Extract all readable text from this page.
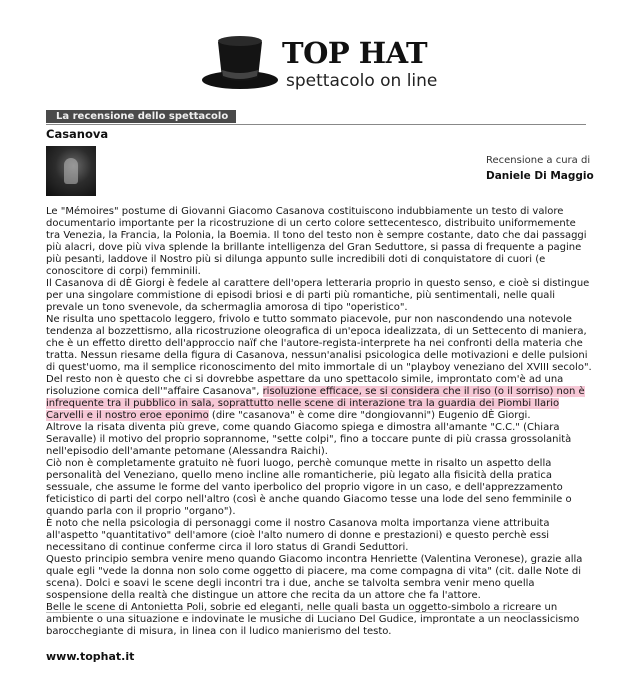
TOP HAT
spettacolo on line
La recensione dello spettacolo
Casanova
Recensione a cura di
Daniele Di Maggio

Le "Mémoires" postume di Giovanni Giacomo Casanova costituiscono indubbiamente un testo di valore documentario importante per la ricostruzione di un certo colore settecentesco, distribuito uniformemente tra Venezia, la Francia, la Polonia, la Boemia. Il tono del testo non è sempre costante, dato che dai passaggi più alacri, dove più viva splende la brillante intelligenza del Gran Seduttore, si passa di frequente a pagine più pesanti, laddove il Nostro più si dilunga appunto sulle incredibili doti di conquistatore di cuori (e conoscitore di corpi) femminili.

Il Casanova di dÈ Giorgi è fedele al carattere dell'opera letteraria proprio in questo senso, e cioè si distingue per una singolare commistione di episodi briosi e di parti più romantiche, più sentimentali, nelle quali prevale un tono svenevole, da schermaglia amorosa di tipo "operistico".

Ne risulta uno spettacolo leggero, frivolo e tutto sommato piacevole, pur non nascondendo una notevole tendenza al bozzettismo, alla ricostruzione oleografica di un'epoca idealizzata, di un Settecento di maniera, che è un effetto diretto dell'approccio naïf che l'autore-regista-interprete ha nei confronti della materia che tratta. Nessun riesame della figura di Casanova, nessun'analisi psicologica delle motivazioni e delle pulsioni di quest'uomo, ma il semplice riconoscimento del mito immortale di un "playboy veneziano del XVIII secolo".

Del resto non è questo che ci si dovrebbe aspettare da uno spettacolo simile, improntato com'è ad una risoluzione comica dell'"affaire Casanova", risoluzione efficace, se si considera che il riso (o il sorriso) non è infrequente tra il pubblico in sala, soprattutto nelle scene di interazione tra la guardia dei Piombi Ilario Carvelli e il nostro eroe eponimo (dire "casanova" è come dire "dongiovanni") Eugenio dÈ Giorgi.

Altrove la risata diventa più greve, come quando Giacomo spiega e dimostra all'amante "C.C." (Chiara Seravalle) il motivo del proprio soprannome, "sette colpi", fino a toccare punte di più crassa grossolanità nell'episodio dell'amante petomane (Alessandra Raichi).

Ciò non è completamente gratuito nè fuori luogo, perchè comunque mette in risalto un aspetto della personalità del Veneziano, quello meno incline alle romanticherie, più legato alla fisicità della pratica sessuale, che assume le forme del vanto iperbolico del proprio vigore in un caso, e dell'apprezzamento feticistico di parti del corpo nell'altro (così è anche quando Giacomo tesse una lode del seno femminile o quando parla con il proprio "organo").

È noto che nella psicologia di personaggi come il nostro Casanova molta importanza viene attribuita all'aspetto "quantitativo" dell'amore (cioè l'alto numero di donne e prestazioni) e questo perchè essi necessitano di continue conferme circa il loro status di Grandi Seduttori.

Questo principio sembra venire meno quando Giacomo incontra Henriette (Valentina Veronese), grazie alla quale egli "vede la donna non solo come oggetto di piacere, ma come compagna di vita" (cit. dalle Note di scena). Dolci e soavi le scene degli incontri tra i due, anche se talvolta sembra venir meno quella sospensione della realtà che distingue un attore che recita da un attore che fa l'attore.

Belle le scene di Antonietta Poli, sobrie ed eleganti, nelle quali basta un oggetto-simbolo a ricreare un ambiente o una situazione e indovinate le musiche di Luciano Del Gudice, improntate a un neoclassicismo barocchegiante di misura, in linea con il ludico manierismo del testo.

www.tophat.it
